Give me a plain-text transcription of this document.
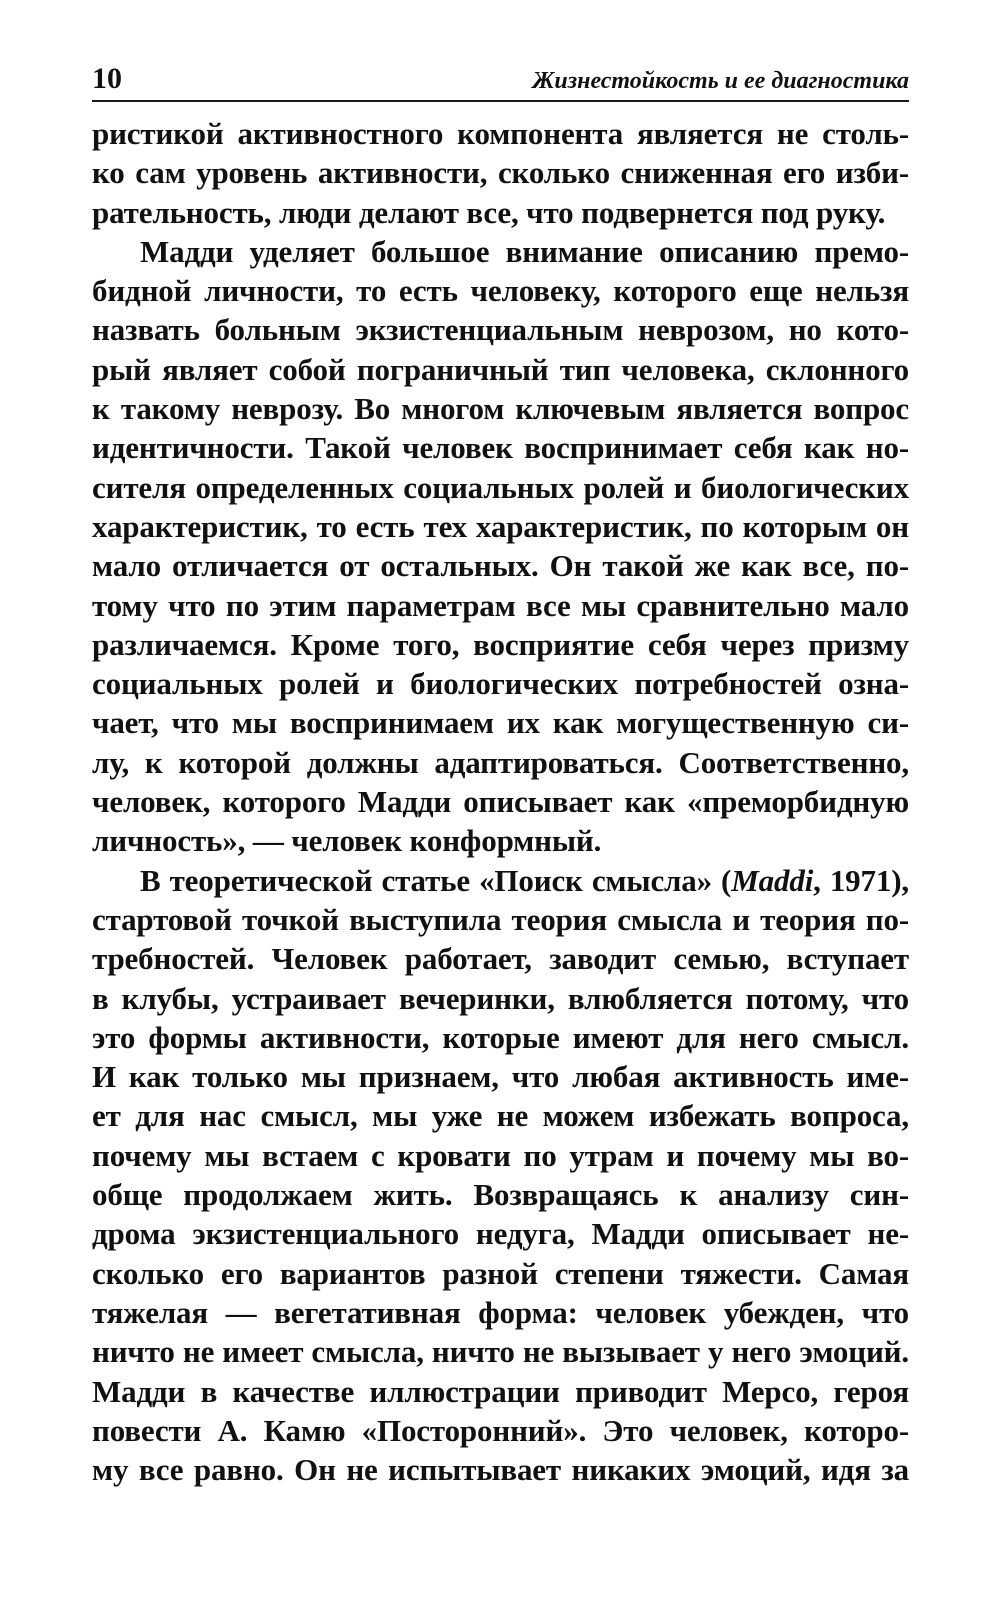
10	Жизнестойкость и ее диагностика
ристикой активностного компонента является не столь-
ко сам уровень активности, сколько сниженная его изби-
рательность, люди делают все, что подвернется под руку.
Мадди уделяет большое внимание описанию премо-
бидной личности, то есть человеку, которого еще нельзя
назвать больным экзистенциальным неврозом, но кото-
рый являет собой пограничный тип человека, склонного
к такому неврозу. Во многом ключевым является вопрос
идентичности. Такой человек воспринимает себя как но-
сителя определенных социальных ролей и биологических
характеристик, то есть тех характеристик, по которым он
мало отличается от остальных. Он такой же как все, по-
тому что по этим параметрам все мы сравнительно мало
различаемся. Кроме того, восприятие себя через призму
социальных ролей и биологических потребностей озна-
чает, что мы воспринимаем их как могущественную си-
лу, к которой должны адаптироваться. Соответственно,
человек, которого Мадди описывает как «преморбидную
личность», — человек конформный.
В теоретической статье «Поиск смысла» (Maddi, 1971),
стартовой точкой выступила теория смысла и теория по-
требностей. Человек работает, заводит семью, вступает
в клубы, устраивает вечеринки, влюбляется потому, что
это формы активности, которые имеют для него смысл.
И как только мы признаем, что любая активность име-
ет для нас смысл, мы уже не можем избежать вопроса,
почему мы встаем с кровати по утрам и почему мы во-
обще продолжаем жить. Возвращаясь к анализу син-
дрома экзистенциального недуга, Мадди описывает не-
сколько его вариантов разной степени тяжести. Самая
тяжелая — вегетативная форма: человек убежден, что
ничто не имеет смысла, ничто не вызывает у него эмоций.
Мадди в качестве иллюстрации приводит Мерсо, героя
повести А. Камю «Посторонний». Это человек, которо-
му все равно. Он не испытывает никаких эмоций, идя за
